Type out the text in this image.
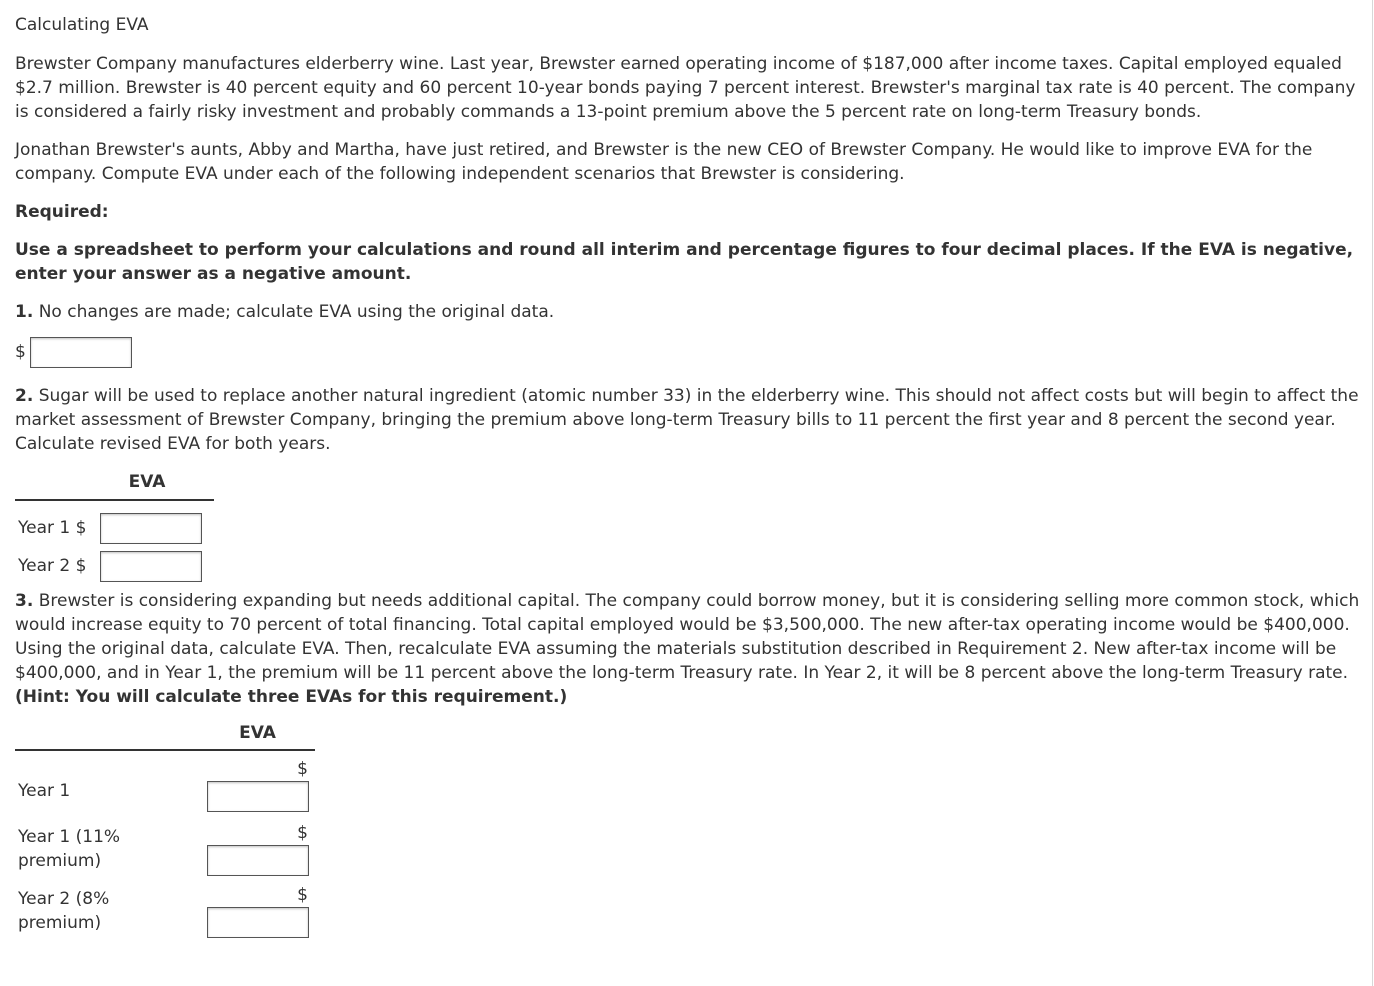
Calculating EVA

Brewster Company manufactures elderberry wine. Last year, Brewster earned operating income of $187,000 after income taxes. Capital employed equaled $2.7 million. Brewster is 40 percent equity and 60 percent 10-year bonds paying 7 percent interest. Brewster's marginal tax rate is 40 percent. The company is considered a fairly risky investment and probably commands a 13-point premium above the 5 percent rate on long-term Treasury bonds.

Jonathan Brewster's aunts, Abby and Martha, have just retired, and Brewster is the new CEO of Brewster Company. He would like to improve EVA for the company. Compute EVA under each of the following independent scenarios that Brewster is considering.

Required:

Use a spreadsheet to perform your calculations and round all interim and percentage figures to four decimal places. If the EVA is negative, enter your answer as a negative amount.

1. No changes are made; calculate EVA using the original data.

$

2. Sugar will be used to replace another natural ingredient (atomic number 33) in the elderberry wine. This should not affect costs but will begin to affect the market assessment of Brewster Company, bringing the premium above long-term Treasury bills to 11 percent the first year and 8 percent the second year. Calculate revised EVA for both years.

EVA
Year 1 $
Year 2 $

3. Brewster is considering expanding but needs additional capital. The company could borrow money, but it is considering selling more common stock, which would increase equity to 70 percent of total financing. Total capital employed would be $3,500,000. The new after-tax operating income would be $400,000. Using the original data, calculate EVA. Then, recalculate EVA assuming the materials substitution described in Requirement 2. New after-tax income will be $400,000, and in Year 1, the premium will be 11 percent above the long-term Treasury rate. In Year 2, it will be 8 percent above the long-term Treasury rate. (Hint: You will calculate three EVAs for this requirement.)

EVA
Year 1
$
Year 1 (11% premium)
$
Year 2 (8% premium)
$
